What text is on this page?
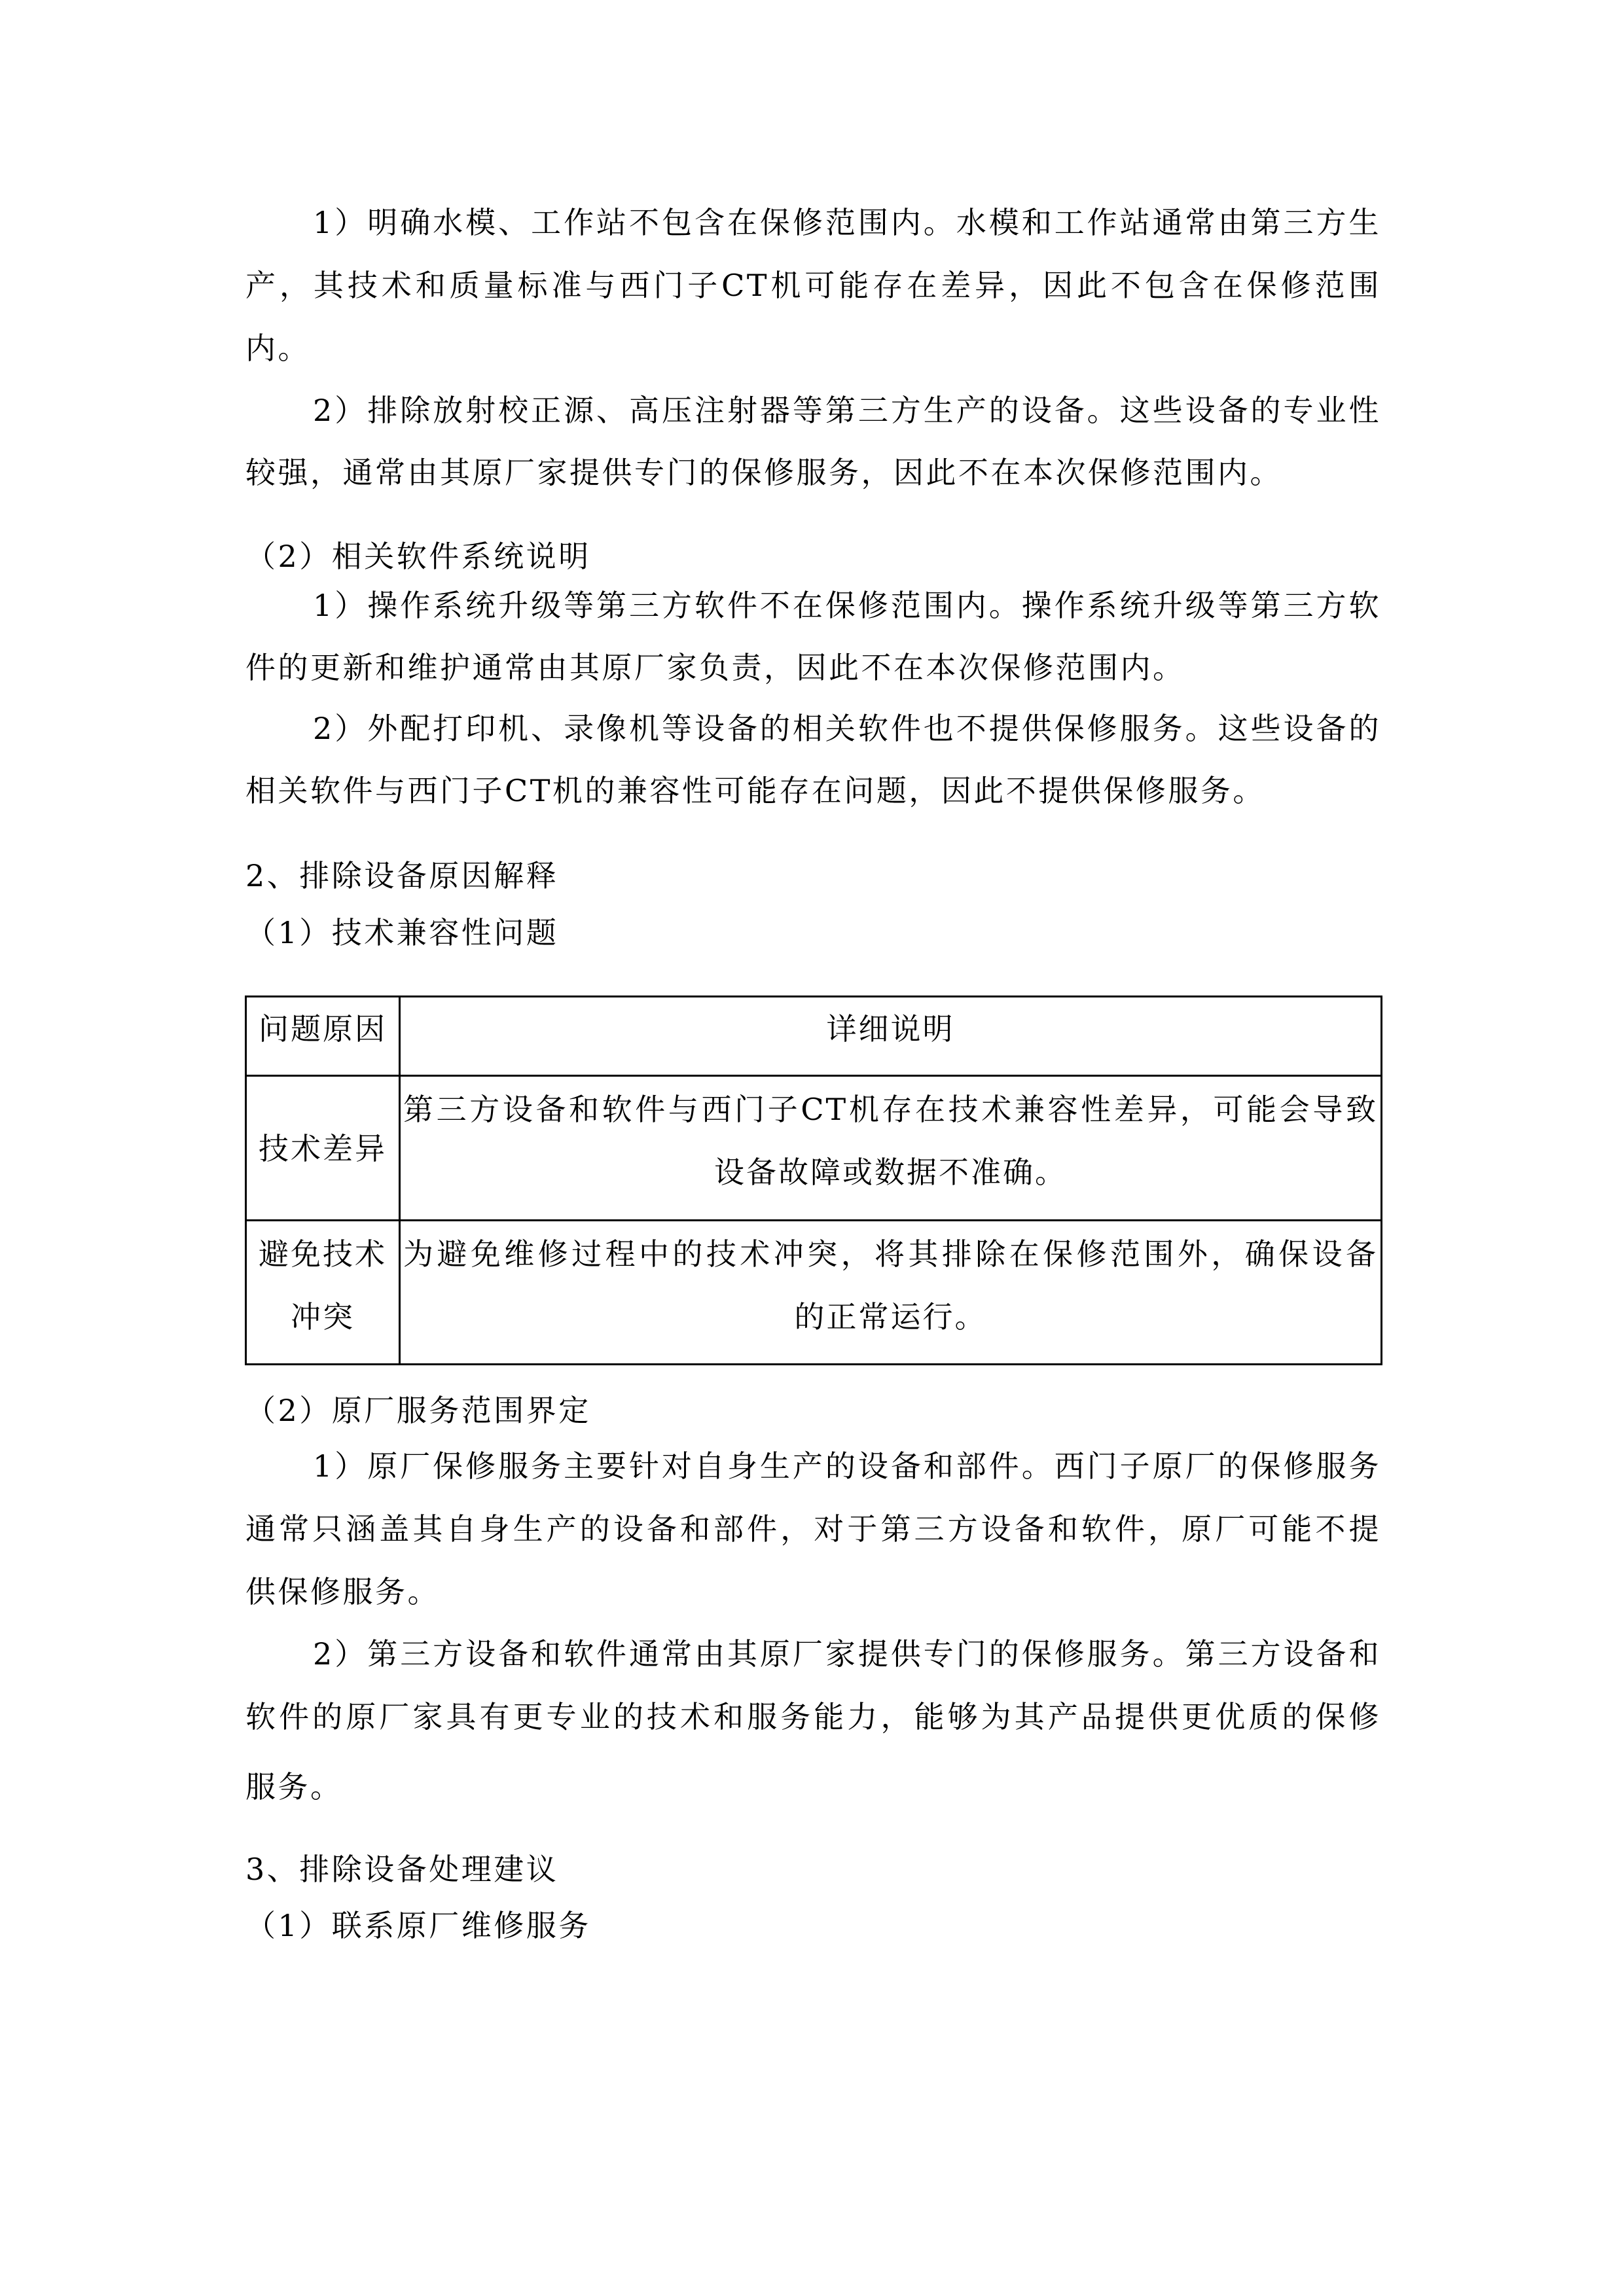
1）明确水模、工作站不包含在保修范围内。水模和工作站通常由第三方生
产，其技术和质量标准与西门子CT机可能存在差异，因此不包含在保修范围
内。
2）排除放射校正源、高压注射器等第三方生产的设备。这些设备的专业性
较强，通常由其原厂家提供专门的保修服务，因此不在本次保修范围内。
（2）相关软件系统说明
1）操作系统升级等第三方软件不在保修范围内。操作系统升级等第三方软
件的更新和维护通常由其原厂家负责，因此不在本次保修范围内。
2）外配打印机、录像机等设备的相关软件也不提供保修服务。这些设备的
相关软件与西门子CT机的兼容性可能存在问题，因此不提供保修服务。
2、排除设备原因解释
（1）技术兼容性问题
（2）原厂服务范围界定
1）原厂保修服务主要针对自身生产的设备和部件。西门子原厂的保修服务
通常只涵盖其自身生产的设备和部件，对于第三方设备和软件，原厂可能不提
供保修服务。
2）第三方设备和软件通常由其原厂家提供专门的保修服务。第三方设备和
软件的原厂家具有更专业的技术和服务能力，能够为其产品提供更优质的保修
服务。
3、排除设备处理建议
（1）联系原厂维修服务
问题原因	详细说明

技术差异	第三方设备和软件与西门子CT机存在技术兼容性差异，可能会导致
设备故障或数据不准确。

避免技术
冲突	为避免维修过程中的技术冲突，将其排除在保修范围外，确保设备
的正常运行。
